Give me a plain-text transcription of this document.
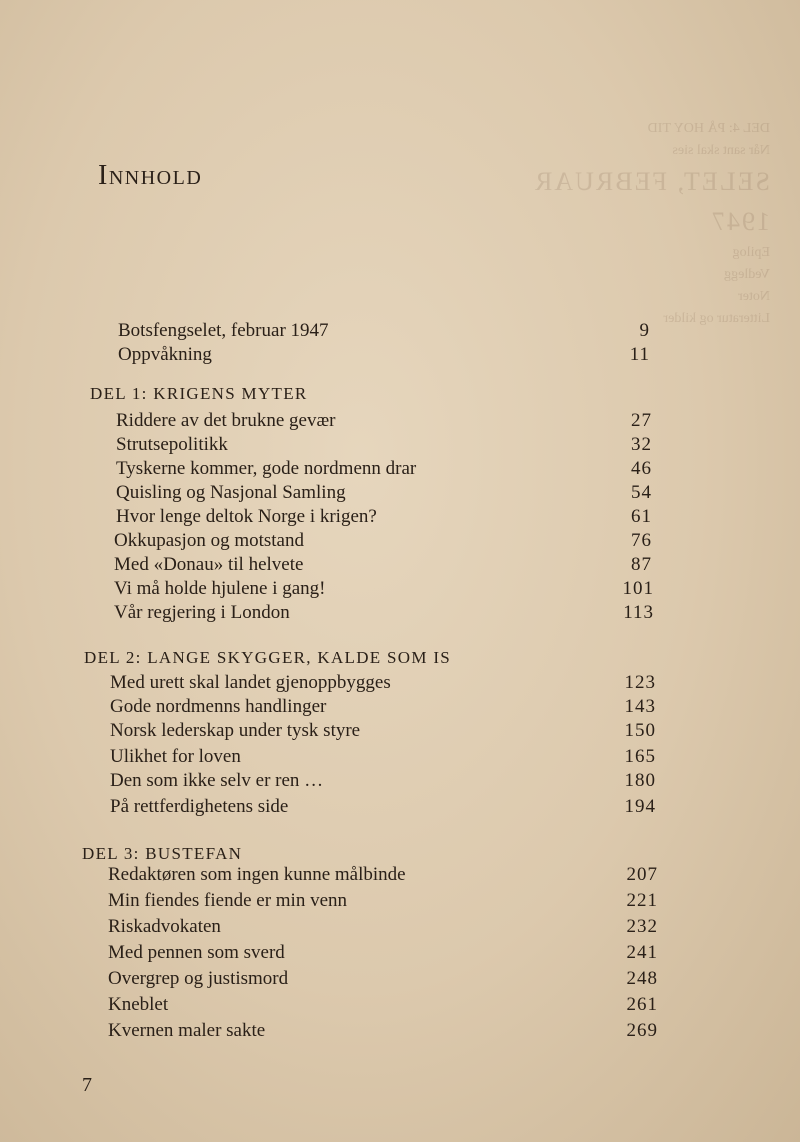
DEL 4: PÅ HOY TID
Når sant skal sies
SELET, FEBRUAR 1947
Epilog
Vedlegg
Noter
Litteratur og kilder
Innhold
Botsfengselet, februar 1947	9
Oppvåkning	11
DEL 1: KRIGENS MYTER
Riddere av det brukne gevær	27
Strutsepolitikk	32
Tyskerne kommer, gode nordmenn drar	46
Quisling og Nasjonal Samling	54
Hvor lenge deltok Norge i krigen?	61
Okkupasjon og motstand	76
Med «Donau» til helvete	87
Vi må holde hjulene i gang!	101
Vår regjering i London	113
DEL 2: LANGE SKYGGER, KALDE SOM IS
Med urett skal landet gjenoppbygges	123
Gode nordmenns handlinger	143
Norsk lederskap under tysk styre	150
Ulikhet for loven	165
Den som ikke selv er ren …	180
På rettferdighetens side	194
DEL 3: BUSTEFAN
Redaktøren som ingen kunne målbinde	207
Min fiendes fiende er min venn	221
Riskadvokaten	232
Med pennen som sverd	241
Overgrep og justismord	248
Kneblet	261
Kvernen maler sakte	269
7
